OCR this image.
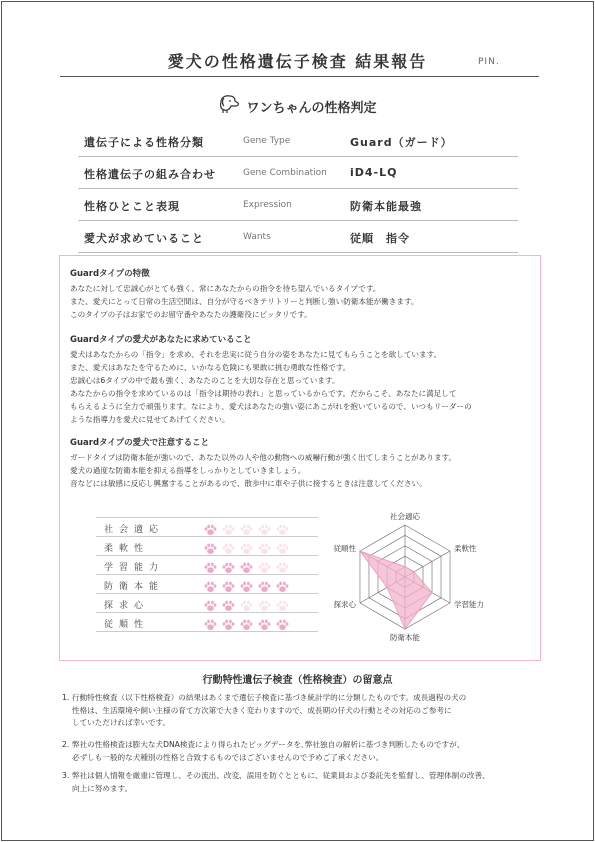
愛犬の性格遺伝子検査 結果報告	PIN.
ワンちゃんの性格判定
遺伝子による性格分類	Gene Type	Guard（ガード）
性格遺伝子の組み合わせ	Gene Combination iD4-LQ
性格ひとこと表現	Expression	防衛本能最強
愛犬が求めていること	Wants	従順　指令
Guardタイプの特徴
あなたに対して忠誠心がとても強く、常にあなたからの指令を待ち望んでいるタイプです。
また、愛犬にとって日常の生活空間は、自分が守るべきテリトリーと判断し強い防衛本能が働きます。
このタイプの子はお家でのお留守番やあなたの護衛役にピッタリです。
Guardタイプの愛犬があなたに求めていること
愛犬はあなたからの「指令」を求め、それを忠実に従う自分の姿をあなたに見てもらうことを欲しています。
また、愛犬はあなたを守るために、いかなる危険にも果敢に挑む勇敢な性格です。
忠誠心は6タイプの中で最も強く、あなたのことを大切な存在と思っています。
あなたからの指令を求めているのは「指令は期待の表れ」と思っているからです。だからこそ、あなたに満足して
もらえるように全力で頑張ります。なにより、愛犬はあなたの強い姿にあこがれを抱いているので、いつもリーダーの
ような指導力を愛犬に見せてあげてください。
Guardタイプの愛犬で注意すること
ガードタイプは防衛本能が強いので、あなた以外の人や他の動物への威嚇行動が強く出てしまうことがあります。
愛犬の過度な防衛本能を抑える指導をしっかりとしていきましょう。
音などには敏感に反応し興奮することがあるので、散歩中に車や子供に接するときは注意してください。
社会適応
柔軟性
学習能力
防衛本能
探求心
従順性
社会適応
柔軟性
学習能力
防衛本能
探求心
従順性
行動特性遺伝子検査（性格検査）の留意点
1. 行動特性検査（以下性格検査）の結果はあくまで遺伝子検査に基づき統計学的に分類したものです。成長過程の犬の
性格は、生活環境や飼い主様の育て方次第で大きく変わりますので、成長期の仔犬の行動とその対応のご参考に
していただければ幸いです。
2. 弊社の性格検査は膨大な犬DNA検査により得られたビッグデータを､弊社独自の解析に基づき判断したものですが、
必ずしも一般的な犬種別の性格と合致するものではございませんので予めご了承ください。
3. 弊社は個人情報を厳重に管理し、その流出、改変、誤用を防ぐとともに、従業員および委託先を監督し、管理体制の改善、
向上に努めます。
